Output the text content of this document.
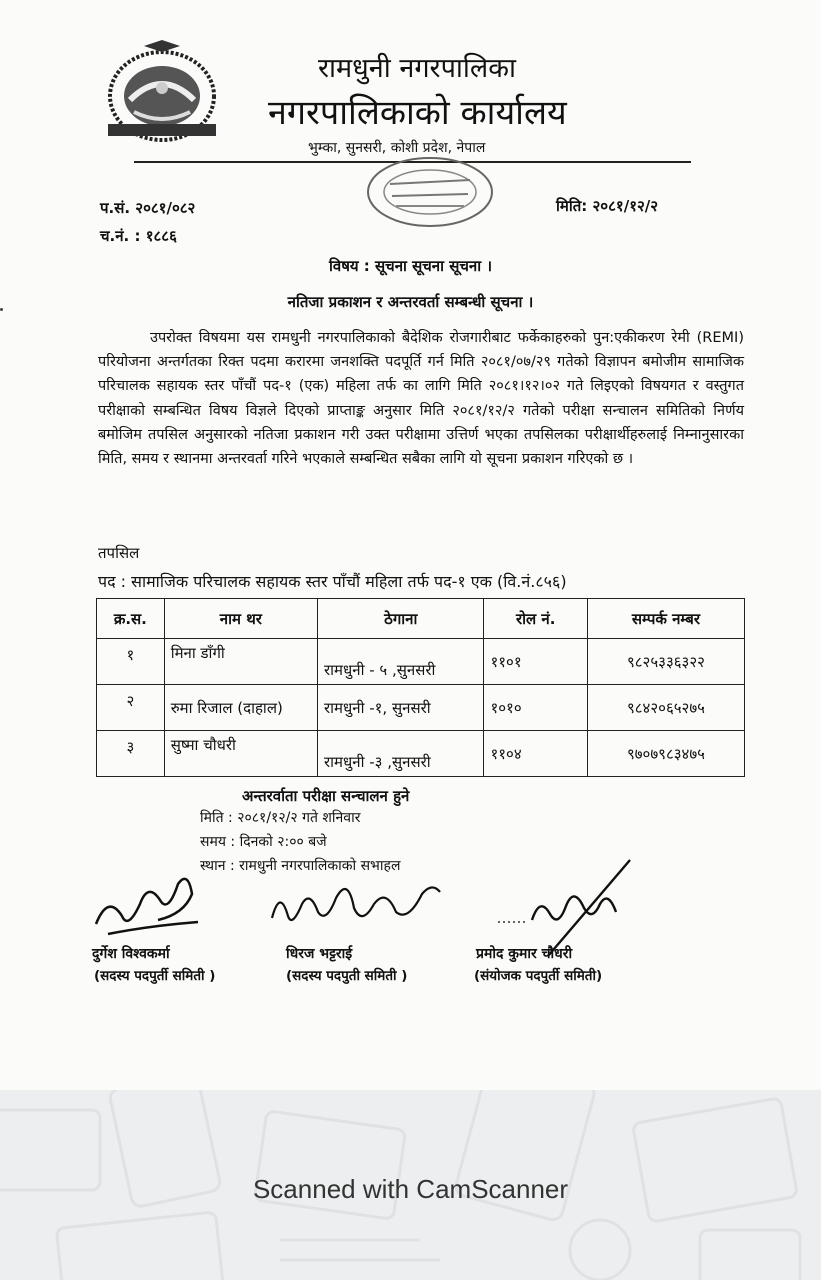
रामधुनी नगरपालिका
नगरपालिकाको कार्यालय
भुम्का, सुनसरी, कोशी प्रदेश, नेपाल
प.सं. २०८१/०८२
च.नं. : १८८६
मिति: २०८१/१२/२
विषय : सूचना सूचना सूचना ।
नतिजा प्रकाशन र अन्तरवर्ता सम्बन्धी सूचना ।
उपरोक्त विषयमा यस रामधुनी नगरपालिकाको बैदेशिक रोजगारीबाट फर्केकाहरुको पुन:एकीकरण रेमी (REMI) परियोजना अन्तर्गतका रिक्त पदमा करारमा जनशक्ति पदपूर्ति गर्न मिति २०८१/०७/२९ गतेको विज्ञापन बमोजीम सामाजिक परिचालक सहायक स्तर पाँचौं पद-१ (एक) महिला तर्फ का लागि मिति २०८१।१२।०२ गते लिइएको विषयगत र वस्तुगत परीक्षाको सम्बन्धित विषय विज्ञले दिएको प्राप्ताङ्क अनुसार मिति २०८१/१२/२ गतेको परीक्षा सन्चालन समितिको निर्णय बमोजिम तपसिल अनुसारको नतिजा प्रकाशन गरी उक्त परीक्षामा उत्तिर्ण भएका तपसिलका परीक्षार्थीहरुलाई निम्नानुसारका मिति, समय र स्थानमा अन्तरवर्ता गरिने भएकाले सम्बन्धित सबैका लागि यो सूचना प्रकाशन गरिएको छ ।
तपसिल
पद : सामाजिक परिचालक सहायक स्तर पाँचौं महिला तर्फ पद-१ एक (वि.नं.८५६)
क्र.स.	नाम थर	ठेगाना	रोल नं.	सम्पर्क नम्बर
१	मिना डाँगी	रामधुनी - ५ ,सुनसरी	११०१	९८२५३३६३२२
२	रुमा रिजाल (दाहाल)	रामधुनी -१, सुनसरी	१०१०	९८४२०६५२७५
३	सुष्मा चौधरी	रामधुनी -३ ,सुनसरी	११०४	९७०७९८३४७५
अन्तरर्वाता परीक्षा सन्चालन हुने
मिति : २०८१/१२/२ गते शनिवार
समय : दिनको २:०० बजे
स्थान : रामधुनी नगरपालिकाको सभाहल
दुर्गेश विश्वकर्मा
(सदस्य पदपुर्ती समिती )
धिरज भट्टराई
(सदस्य पदपुती समिती )
प्रमोद कुमार चौधरी
(संयोजक पदपुर्ती समिती)
Scanned with CamScanner
